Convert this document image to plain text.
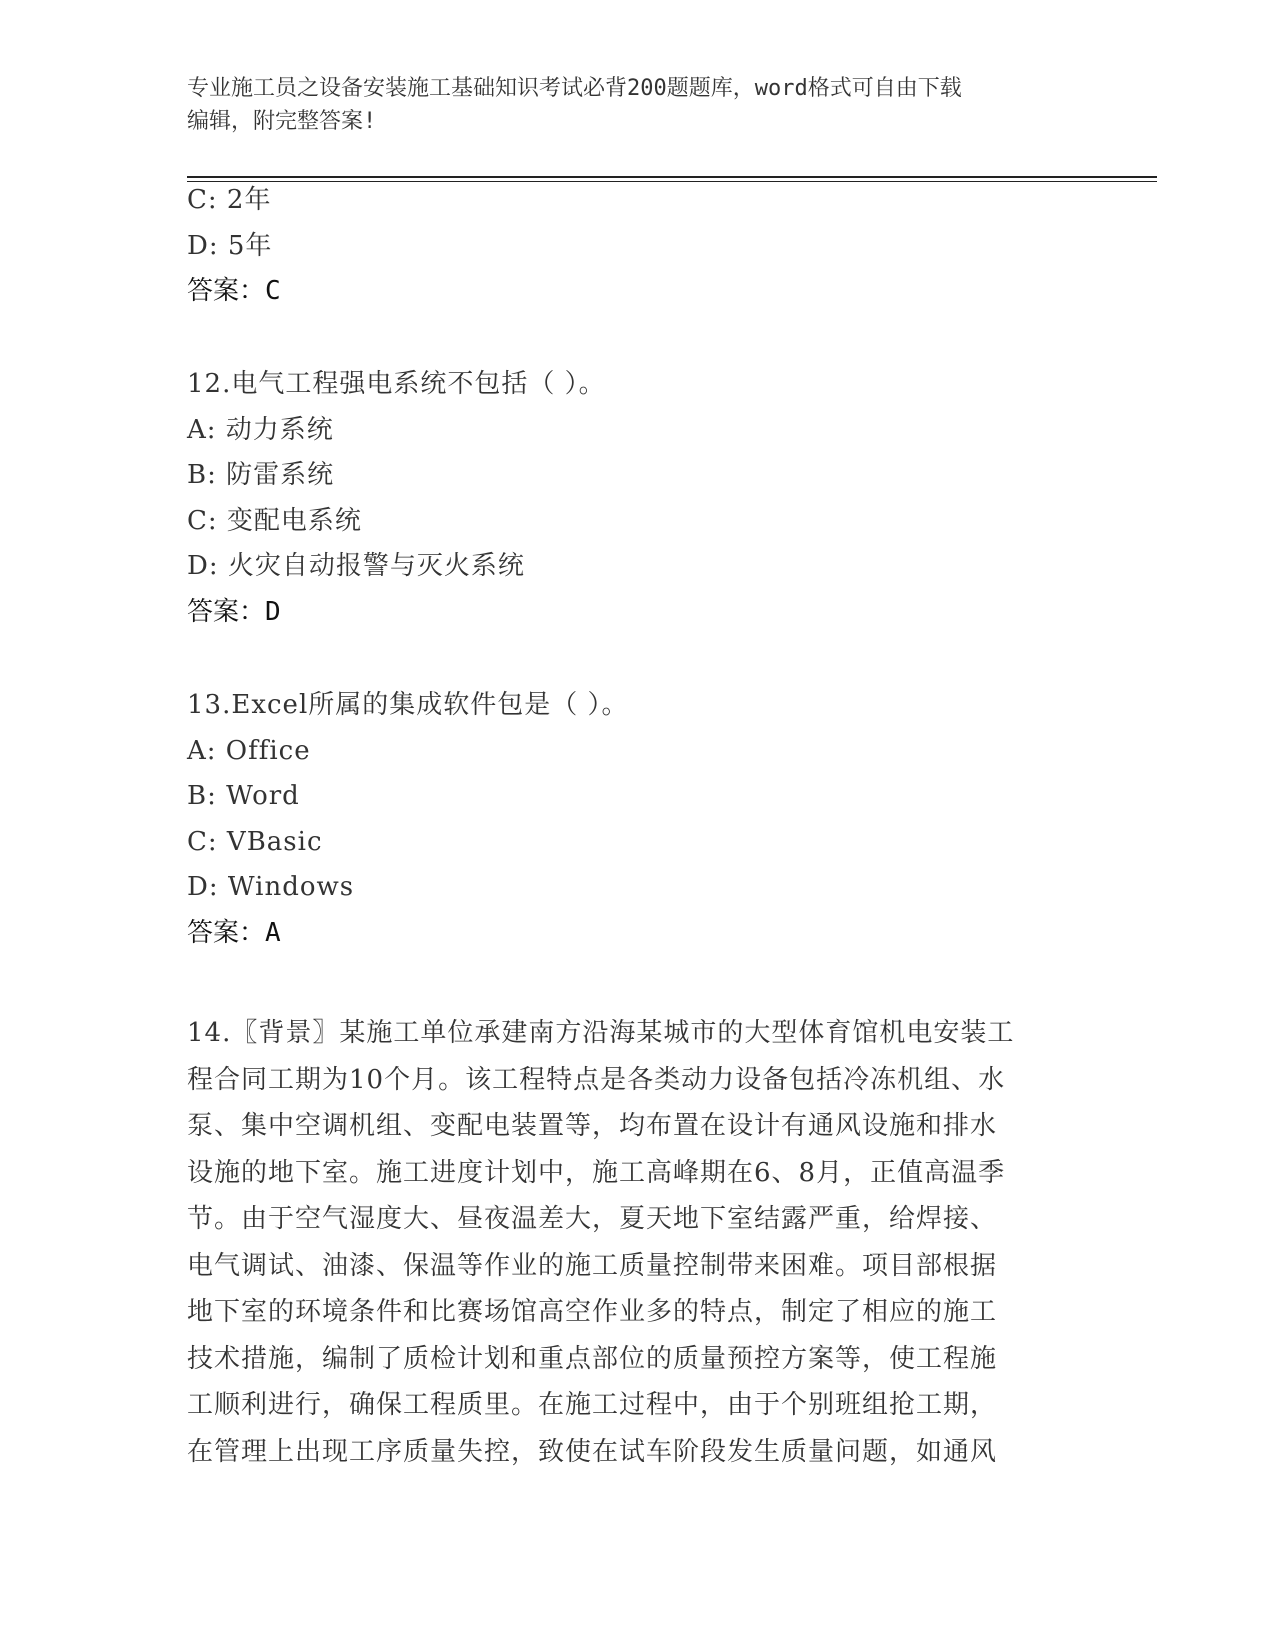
专业施工员之设备安装施工基础知识考试必背200题题库，word格式可自由下载
编辑，附完整答案!
C: 2年
D: 5年
答案：C
12.电气工程强电系统不包括（ ）。
A: 动力系统
B: 防雷系统
C: 变配电系统
D: 火灾自动报警与灭火系统
答案：D
13.Excel所属的集成软件包是（ ）。
A: Office
B: Word
C: VBasic
D: Windows
答案：A
14.〖背景〗某施工单位承建南方沿海某城市的大型体育馆机电安装工
程合同工期为10个月。该工程特点是各类动力设备包括冷冻机组、水
泵、集中空调机组、变配电装置等，均布置在设计有通风设施和排水
设施的地下室。施工进度计划中，施工高峰期在6、8月，正值高温季
节。由于空气湿度大、昼夜温差大，夏天地下室结露严重，给焊接、
电气调试、油漆、保温等作业的施工质量控制带来困难。项目部根据
地下室的环境条件和比赛场馆高空作业多的特点，制定了相应的施工
技术措施，编制了质检计划和重点部位的质量预控方案等，使工程施
工顺利进行，确保工程质里。在施工过程中，由于个别班组抢工期，
在管理上出现工序质量失控，致使在试车阶段发生质量问题，如通风
